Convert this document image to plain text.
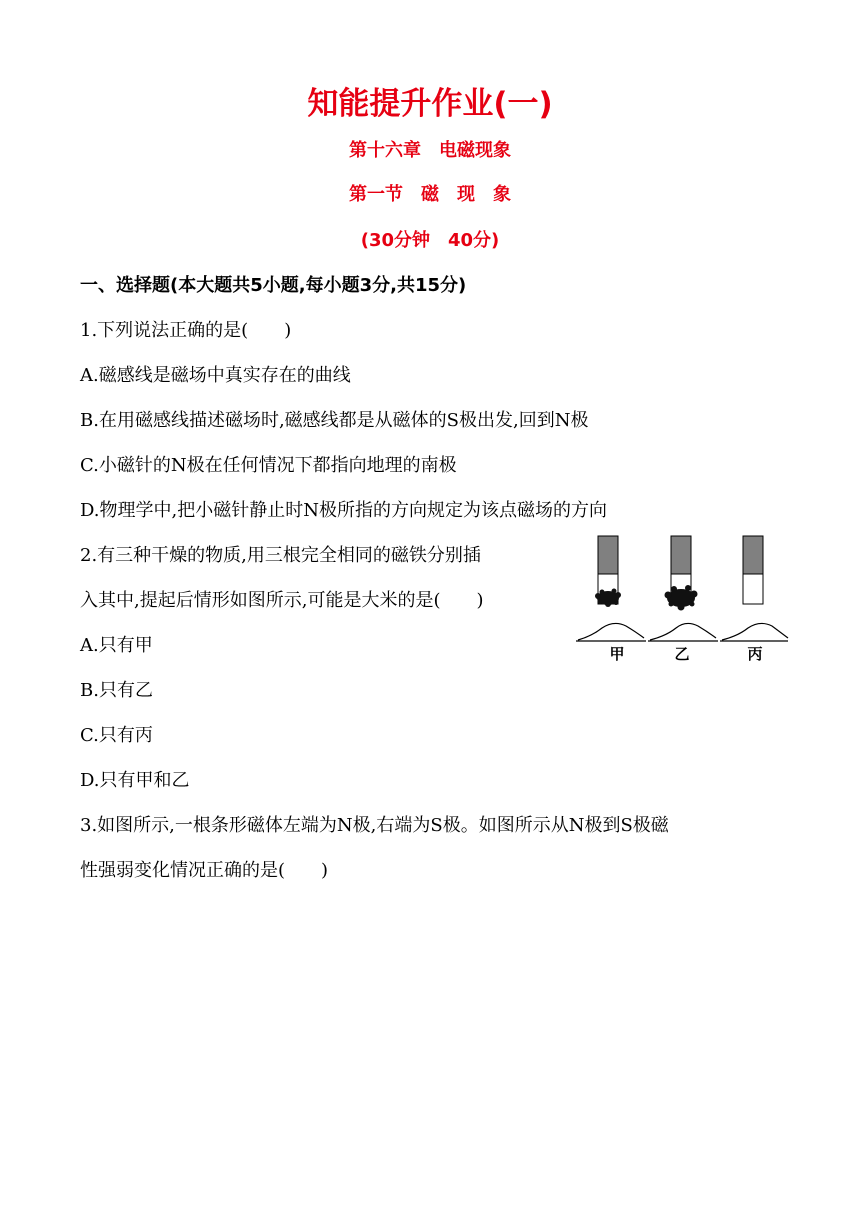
知能提升作业(一)
第十六章　电磁现象
第一节　磁　现　象
(30分钟　40分)
一、选择题(本大题共5小题,每小题3分,共15分)
1.下列说法正确的是(　　)
A.磁感线是磁场中真实存在的曲线
B.在用磁感线描述磁场时,磁感线都是从磁体的S极出发,回到N极
C.小磁针的N极在任何情况下都指向地理的南极
D.物理学中,把小磁针静止时N极所指的方向规定为该点磁场的方向
2.有三种干燥的物质,用三根完全相同的磁铁分别插
入其中,提起后情形如图所示,可能是大米的是(　　)
A.只有甲
B.只有乙
C.只有丙
D.只有甲和乙
3.如图所示,一根条形磁体左端为N极,右端为S极。如图所示从N极到S极磁
性强弱变化情况正确的是(　　)
甲	乙	丙
